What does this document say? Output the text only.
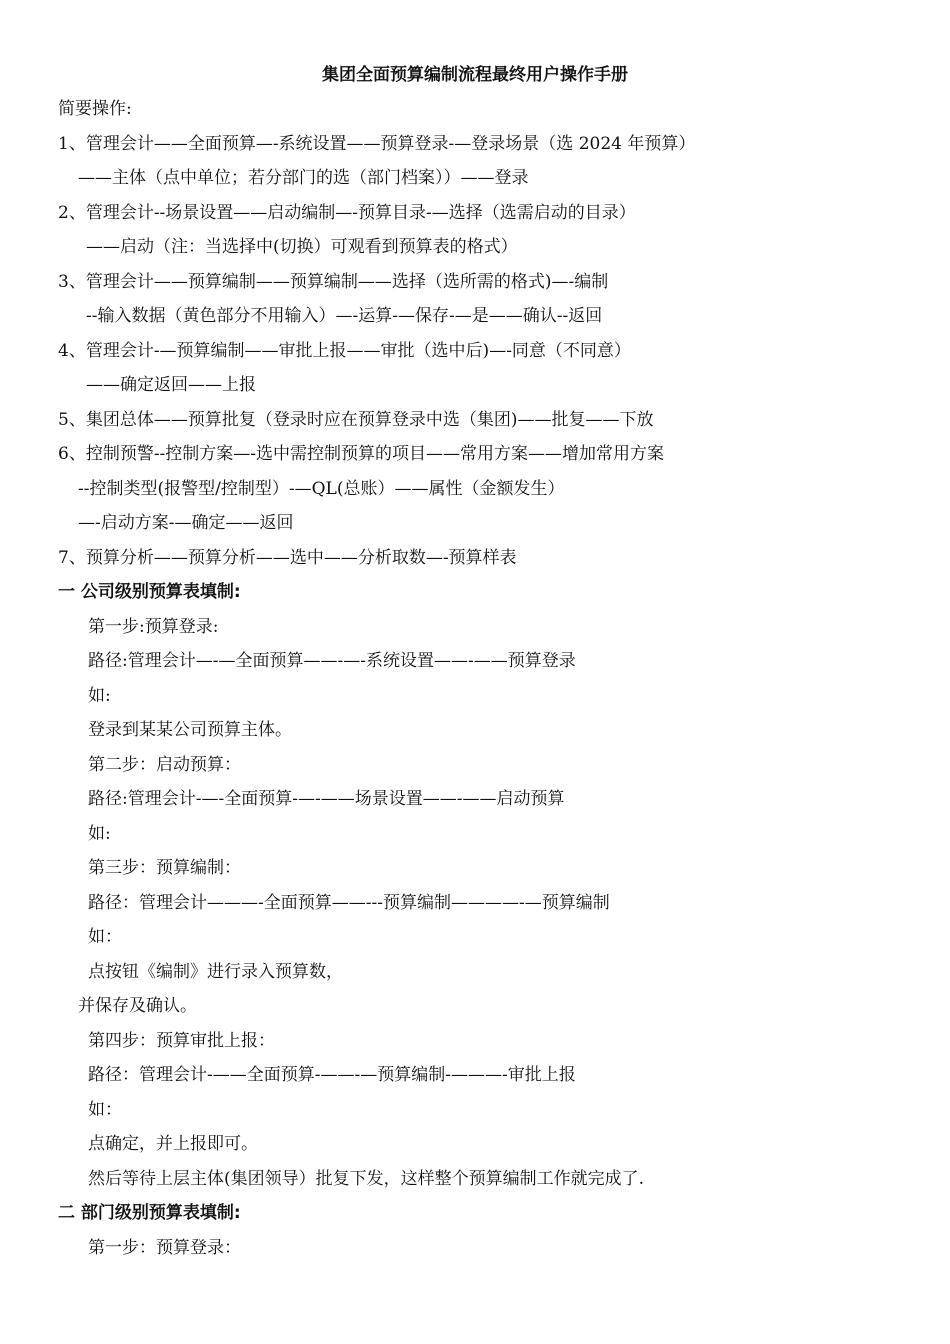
集团全面预算编制流程最终用户操作手册
简要操作:
1、管理会计——全面预算—-系统设置——预算登录-—登录场景（选 2024 年预算）
——主体（点中单位；若分部门的选（部门档案））——登录
2、管理会计--场景设置——启动编制—-预算目录-—选择（选需启动的目录）
——启动（注：当选择中(切换）可观看到预算表的格式）
3、管理会计——预算编制——预算编制——选择（选所需的格式)—-编制
--输入数据（黄色部分不用输入）—-运算-—保存-—是——确认--返回
4、管理会计-—预算编制——审批上报——审批（选中后)—-同意（不同意）
——确定返回——上报
5、集团总体——预算批复（登录时应在预算登录中选（集团)——批复——下放
6、控制预警--控制方案—-选中需控制预算的项目——常用方案——增加常用方案
--控制类型(报警型/控制型）-—QL(总账）——属性（金额发生）
—-启动方案-—确定——返回
7、预算分析——预算分析——选中——分析取数—-预算样表
一 公司级别预算表填制:
第一步:预算登录:
路径:管理会计—-—全面预算——-—-系统设置——-——预算登录
如:
登录到某某公司预算主体。
第二步：启动预算：
路径:管理会计-—-全面预算-—-——场景设置——-——启动预算
如:
第三步：预算编制：
路径：管理会计———-全面预算——---预算编制————-—预算编制
如：
点按钮《编制》进行录入预算数，
并保存及确认。
第四步：预算审批上报：
路径：管理会计-——全面预算-——-—预算编制-———-审批上报
如：
点确定，并上报即可。
然后等待上层主体(集团领导）批复下发，这样整个预算编制工作就完成了.
二 部门级别预算表填制:
第一步：预算登录：
